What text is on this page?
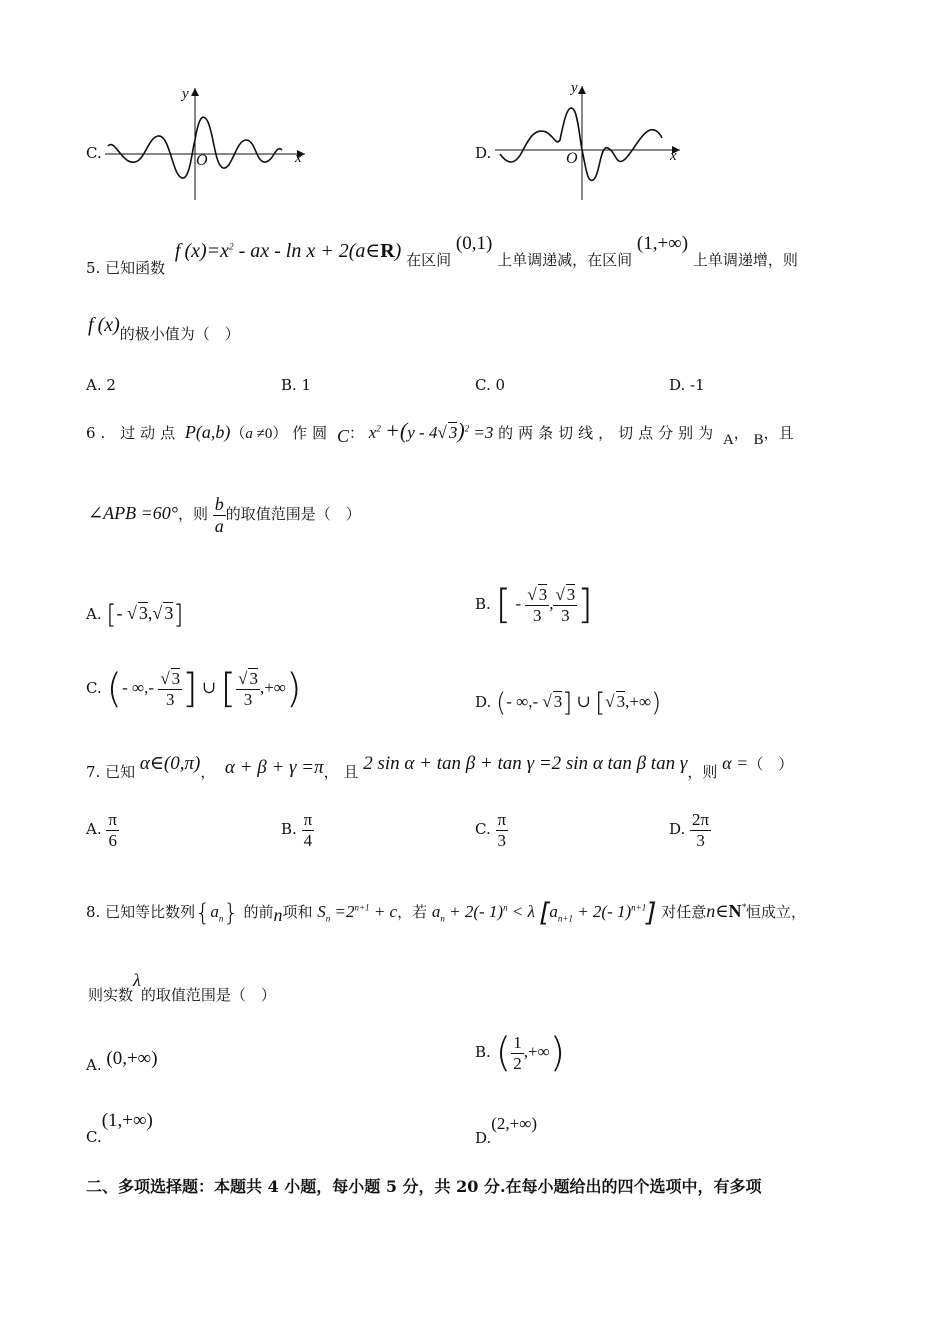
C.
y
x
O	D.
y
x
O
5. 已知函数  f $(x)=x^2$ - ax - ln x + 2(a∈R) 在区间 (0,1) 上单调递减，在区间 (1,+∞) 上单调递增，则
f (x)的极小值为（　）
A. 2	B. 1	C. 0	D. -1
6. 过动点 P(a,b)（a ≠0） 作圆 C： $x^2 +(y - 4√$ 3)$^2$ =3 的两条切线，切点分别为 A， B，且
∠APB =60°，则 $\frac{b}{a}$ 的取值范围是（　）
A. [- √ 3,√ 3]	B. [ - $\frac{√ 3}{3}$ , $\frac{√ 3}{3}$ ]
C. (- ∞,- $\frac{√ 3}{3}$ ] ∪ [ $\frac{√ 3}{3}$ ,+∞)	D. (- ∞,- √ 3] ∪ [√ 3,+∞)
7. 已知 α∈(0,π)，  α + β + γ =π， 且 2 sin α + tan β + tan γ =2 sin α tan β tan γ，则 α =（　）
A. $\frac{\pi}{6}$	B. $\frac{\pi}{4}$	C. $\frac{\pi}{3}$	D. $\frac{2\pi}{3}$
8. 已知等比数列$\{a_n\}$ 的前n项和 $S_n =2^{n+1} + c$，若 $a_n + 2(-$ 1)$^n$ < λ [$a_{n+1} + 2(-$ 1)$^{n+1}$] 对任意n∈N*恒成立，
则实数λ的取值范围是（　）
A. (0,+∞)	B. ( $\frac{1}{2}$ ,+∞)
C.(1,+∞)
D.(2,+∞)
二、多项选择题：本题共 4 小题，每小题 5 分，共 20 分.在每小题给出的四个选项中，有多项
